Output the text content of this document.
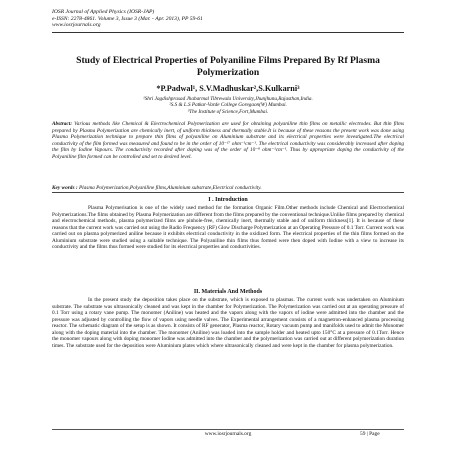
IOSR Journal of Applied Physics (IOSR-JAP)
e-ISSN: 2278-4861. Volume 3, Issue 3 (Mar. - Apr. 2013), PP 59-61
www.iosrjournals.org
Study of Electrical Properties of Polyaniline Films Prepared By Rf Plasma Polymerization
*P.Padwal¹, S.V.Madhuskar²,S.Kulkarni³
¹Shri Jagdishprasad Jhabarmal Tibrewala University,Jhunjhunu,Rajasthan,India.
²S.S & L.S Patkar-Varde College Goregaon(W) Mumbai.
³The Institute of Science,Fort,Mumbai.
Abstract: Various methods like Chemical & Electrochemical Polymerization are used for obtaining polyaniline thin films on metallic electrodes. But thin films prepared by Plasma Polymerization are chemically inert, of uniform thickness and thermally stable.It is because of these reasons the present work was done using Plasma Polymerization technique to prepare thin films of polyaniline on Aluminium substrate and its electrical properties were investigated.The electrical conductivity of the film formed was measured and found to be in the order of 10⁻¹⁷ ohm⁻¹cm⁻¹. The electrical conductivity was considerably increased after doping the film by Iodine Vapours. The conductivity recorded after doping was of the order of 10⁻⁸ ohm⁻¹cm⁻¹. Thus by appropriate doping the conductivity of the Polyaniline film formed can be controlled and set to desired level.
Key words : Plasma Polymerization,Polyaniline films,Aluminium substrate,Electrical conductivity.
I . Introduction
Plasma Polymerisation is one of the widely used method for the formation Organic Film.Other methods include Chemical and Electrochemical Polymerizations.The films obtained by Plasma Polymerization are different from the films prepared by the conventional technique.Unlike films prepared by chemical and electrochemical methods, plasma polymerized films are pinhole-free, chemically inert, thermally stable and of uniform thickness[1]. It is because of these reasons that the current work was carried out using the Radio Frequency (RF) Glow Discharge Polymerization at an Operating Pressure of 0.1 Torr. Current work was carried out on plasma polymerized aniline because it exhibits electrical conductivity in the oxidized form. The electrical properties of the thin films formed on the Aluminium substrate were studied using a suitable technique. The Polyaniline thin films thus formed were then doped with Iodine with a view to increase its conductivity and the films thus formed were studied for its electrical properties and conductivities.
II. Materials And Methods
In the present study the deposition takes place on the substrate, which is exposed to plasmas. The current work was undertaken on Aluminium substrate. The substrate was ultrasonically cleaned and was kept in the chamber for Polymerization. The Polymerization was carried out at an operating pressure of 0.1 Torr using a rotary vane pump. The monomer (Aniline) was heated and the vapors along with the vapors of iodine were admitted into the chamber and the pressure was adjusted by controlling the flow of vapors using needle valves. The Experimental arrangement consists of a magnetron-enhanced plasma processing reactor. The schematic diagram of the setup is as shown. It consists of RF generator, Plasma reactor, Rotary vacuum pump and manifolds used to admit the Monomer along with the doping material into the chamber. The monomer (Aniline) was loaded into the sample holder and heated upto 150°C at a pressure of 0.1Torr. Hence the monomer vapours along with doping monomer Iodine was admitted into the chamber and the polymerization was carried out at different polymerization duration times. The substrate used for the deposition were Aluminium plates which where ultrasonically cleaned and were kept in the chamber for plasma polymerization.
www.iosrjournals.org	59 | Page
